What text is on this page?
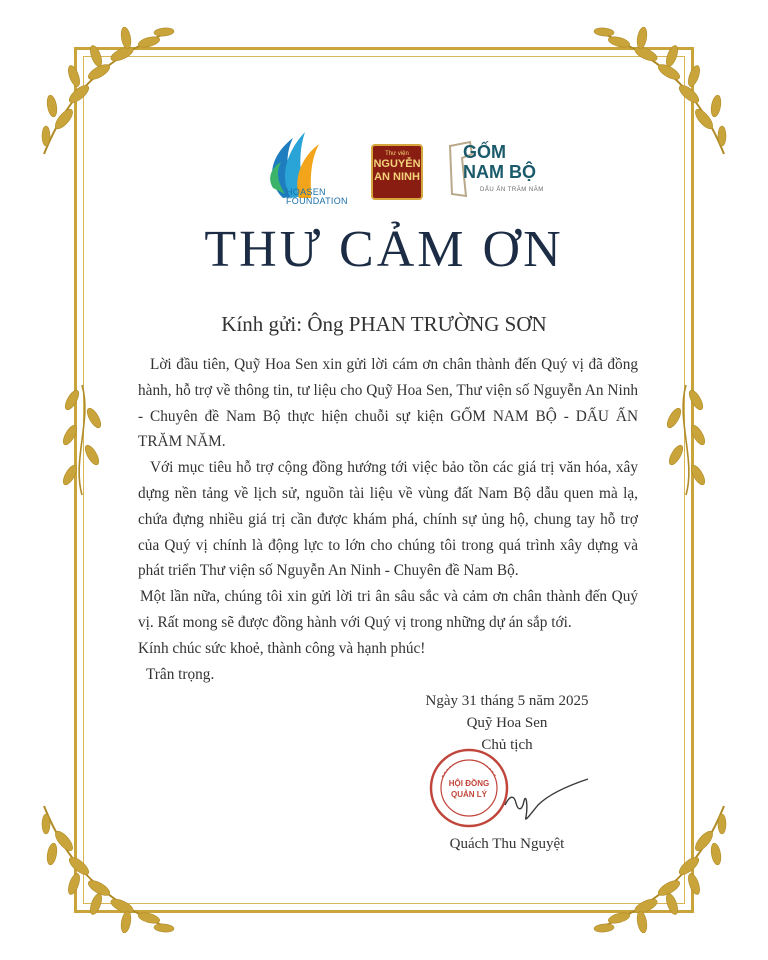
HOASEN FOUNDATION
Thư viện
NGUYỄN
AN NINH
GỐM
NAM BỘ
DẤU ẤN TRĂM NĂM
THƯ CẢM ƠN
Kính gửi: Ông PHAN TRƯỜNG SƠN

Lời đầu tiên, Quỹ Hoa Sen xin gửi lời cám ơn chân thành đến Quý vị đã đồng hành, hỗ trợ về thông tin, tư liệu cho Quỹ Hoa Sen, Thư viện số Nguyễn An Ninh - Chuyên đề Nam Bộ thực hiện chuỗi sự kiện GỐM NAM BỘ - DẤU ẤN TRĂM NĂM.

Với mục tiêu hỗ trợ cộng đồng hướng tới việc bảo tồn các giá trị văn hóa, xây dựng nền tảng về lịch sử, nguồn tài liệu về vùng đất Nam Bộ dẫu quen mà lạ, chứa đựng nhiều giá trị cần được khám phá, chính sự ủng hộ, chung tay hỗ trợ của Quý vị chính là động lực to lớn cho chúng tôi trong quá trình xây dựng và phát triển Thư viện số Nguyễn An Ninh - Chuyên đề Nam Bộ.

Một lần nữa, chúng tôi xin gửi lời tri ân sâu sắc và cảm ơn chân thành đến Quý vị. Rất mong sẽ được đồng hành với Quý vị trong những dự án sắp tới.

Kính chúc sức khoẻ, thành công và hạnh phúc!

Trân trọng.

Ngày 31 tháng 5 năm 2025
Quỹ Hoa Sen
Chủ tịch
HỘI ĐỒNG
QUẢN LÝ
Quách Thu Nguyệt
